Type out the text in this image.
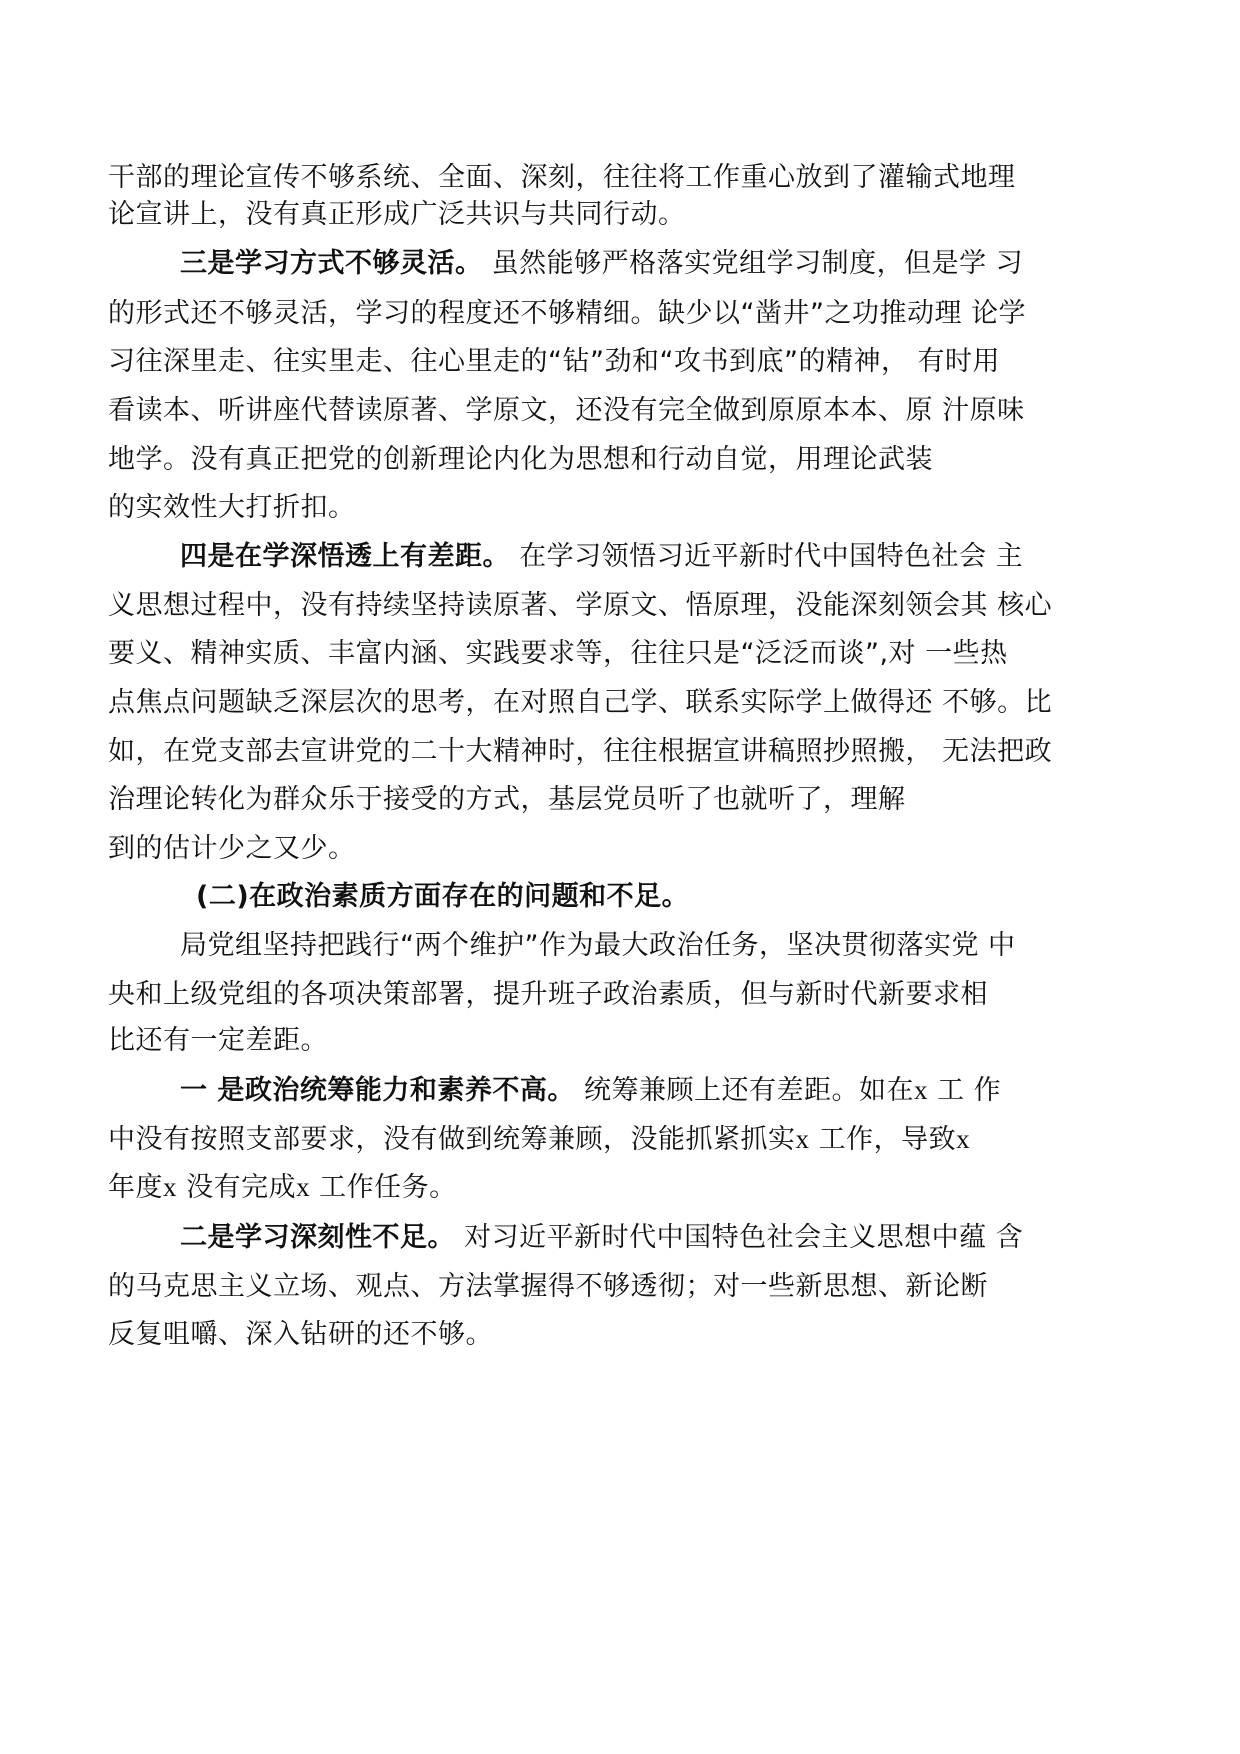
干部的理论宣传不够系统、全面、深刻，往往将工作重心放到了灌输式地理
论宣讲上，没有真正形成广泛共识与共同行动。
三是学习方式不够灵活。 虽然能够严格落实党组学习制度，但是学 习
的形式还不够灵活，学习的程度还不够精细。缺少以“凿井”之功推动理 论学
习往深里走、往实里走、往心里走的“钻”劲和“攻书到底”的精神， 有时用
看读本、听讲座代替读原著、学原文，还没有完全做到原原本本、原 汁原味
地学。没有真正把党的创新理论内化为思想和行动自觉，用理论武装
的实效性大打折扣。
四是在学深悟透上有差距。 在学习领悟习近平新时代中国特色社会 主
义思想过程中，没有持续坚持读原著、学原文、悟原理，没能深刻领会其 核心
要义、精神实质、丰富内涵、实践要求等，往往只是“泛泛而谈”,对 一些热
点焦点问题缺乏深层次的思考，在对照自己学、联系实际学上做得还 不够。比
如，在党支部去宣讲党的二十大精神时，往往根据宣讲稿照抄照搬， 无法把政
治理论转化为群众乐于接受的方式，基层党员听了也就听了，理解
到的估计少之又少。
(二)在政治素质方面存在的问题和不足。
局党组坚持把践行“两个维护”作为最大政治任务，坚决贯彻落实党 中
央和上级党组的各项决策部署，提升班子政治素质，但与新时代新要求相
比还有一定差距。
一 是政治统筹能力和素养不高。 统筹兼顾上还有差距。如在x 工 作
中没有按照支部要求，没有做到统筹兼顾，没能抓紧抓实x 工作，导致x
年度x 没有完成x 工作任务。
二是学习深刻性不足。 对习近平新时代中国特色社会主义思想中蕴 含
的马克思主义立场、观点、方法掌握得不够透彻；对一些新思想、新论断
反复咀嚼、深入钻研的还不够。
